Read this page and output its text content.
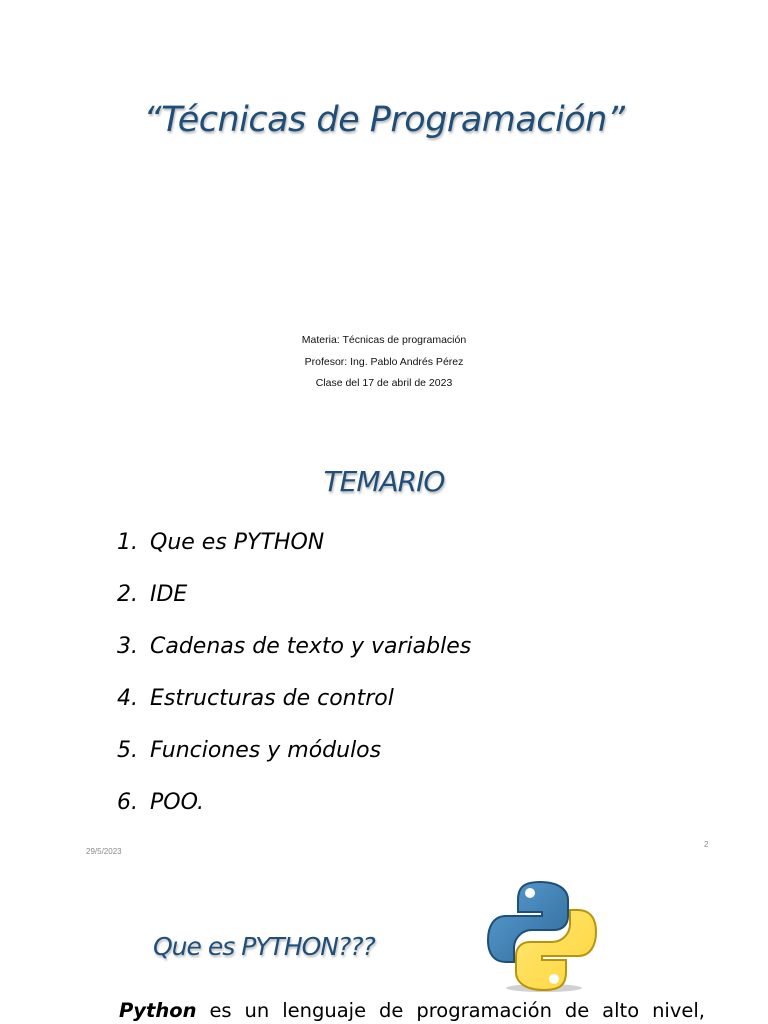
“Técnicas de Programación”
Materia: Técnicas de programación
Profesor: Ing. Pablo Andrés Pérez
Clase del 17 de abril de 2023
TEMARIO
1. Que es PYTHON
2. IDE
3. Cadenas de texto y variables
4. Estructuras de control
5. Funciones y módulos
6. POO.
29/5/2023
2
Que es PYTHON???
Python es un lenguaje de programación de alto nivel,
